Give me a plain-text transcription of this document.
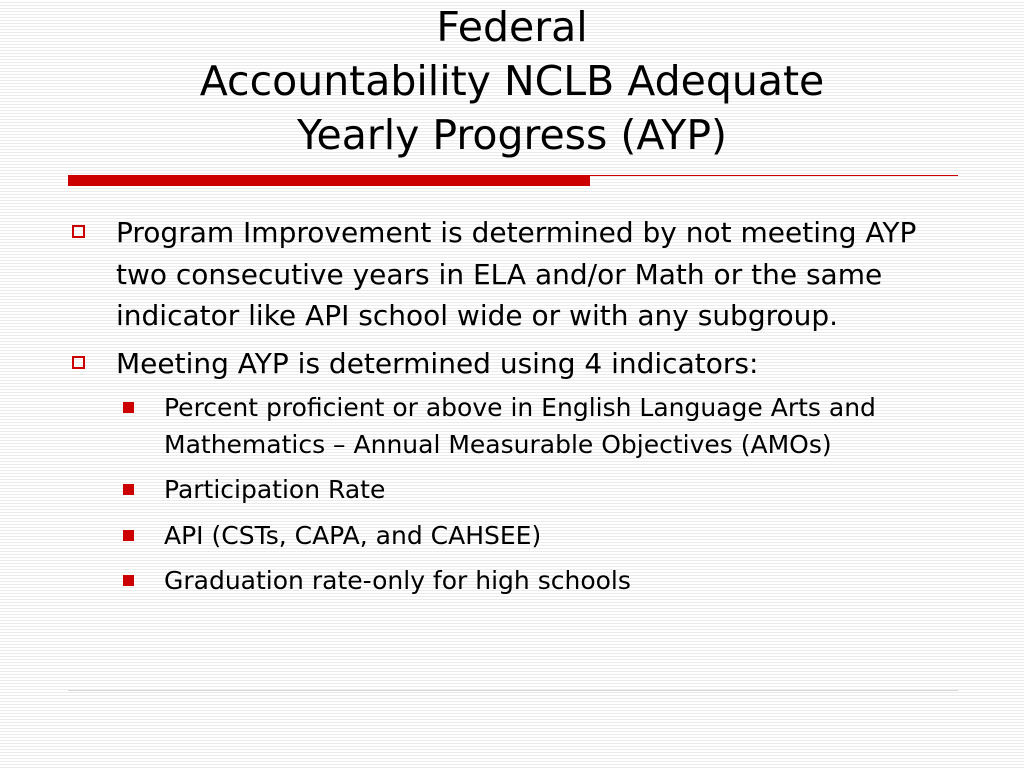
Federal
Accountability NCLB Adequate
Yearly Progress (AYP)
Program Improvement is determined by not meeting AYP two consecutive years in ELA and/or Math or the same indicator like API school wide or with any subgroup.
Meeting AYP is determined using 4 indicators:
Percent proficient or above in English Language Arts and Mathematics – Annual Measurable Objectives (AMOs)
Participation Rate
API (CSTs, CAPA, and CAHSEE)
Graduation rate-only for high schools
